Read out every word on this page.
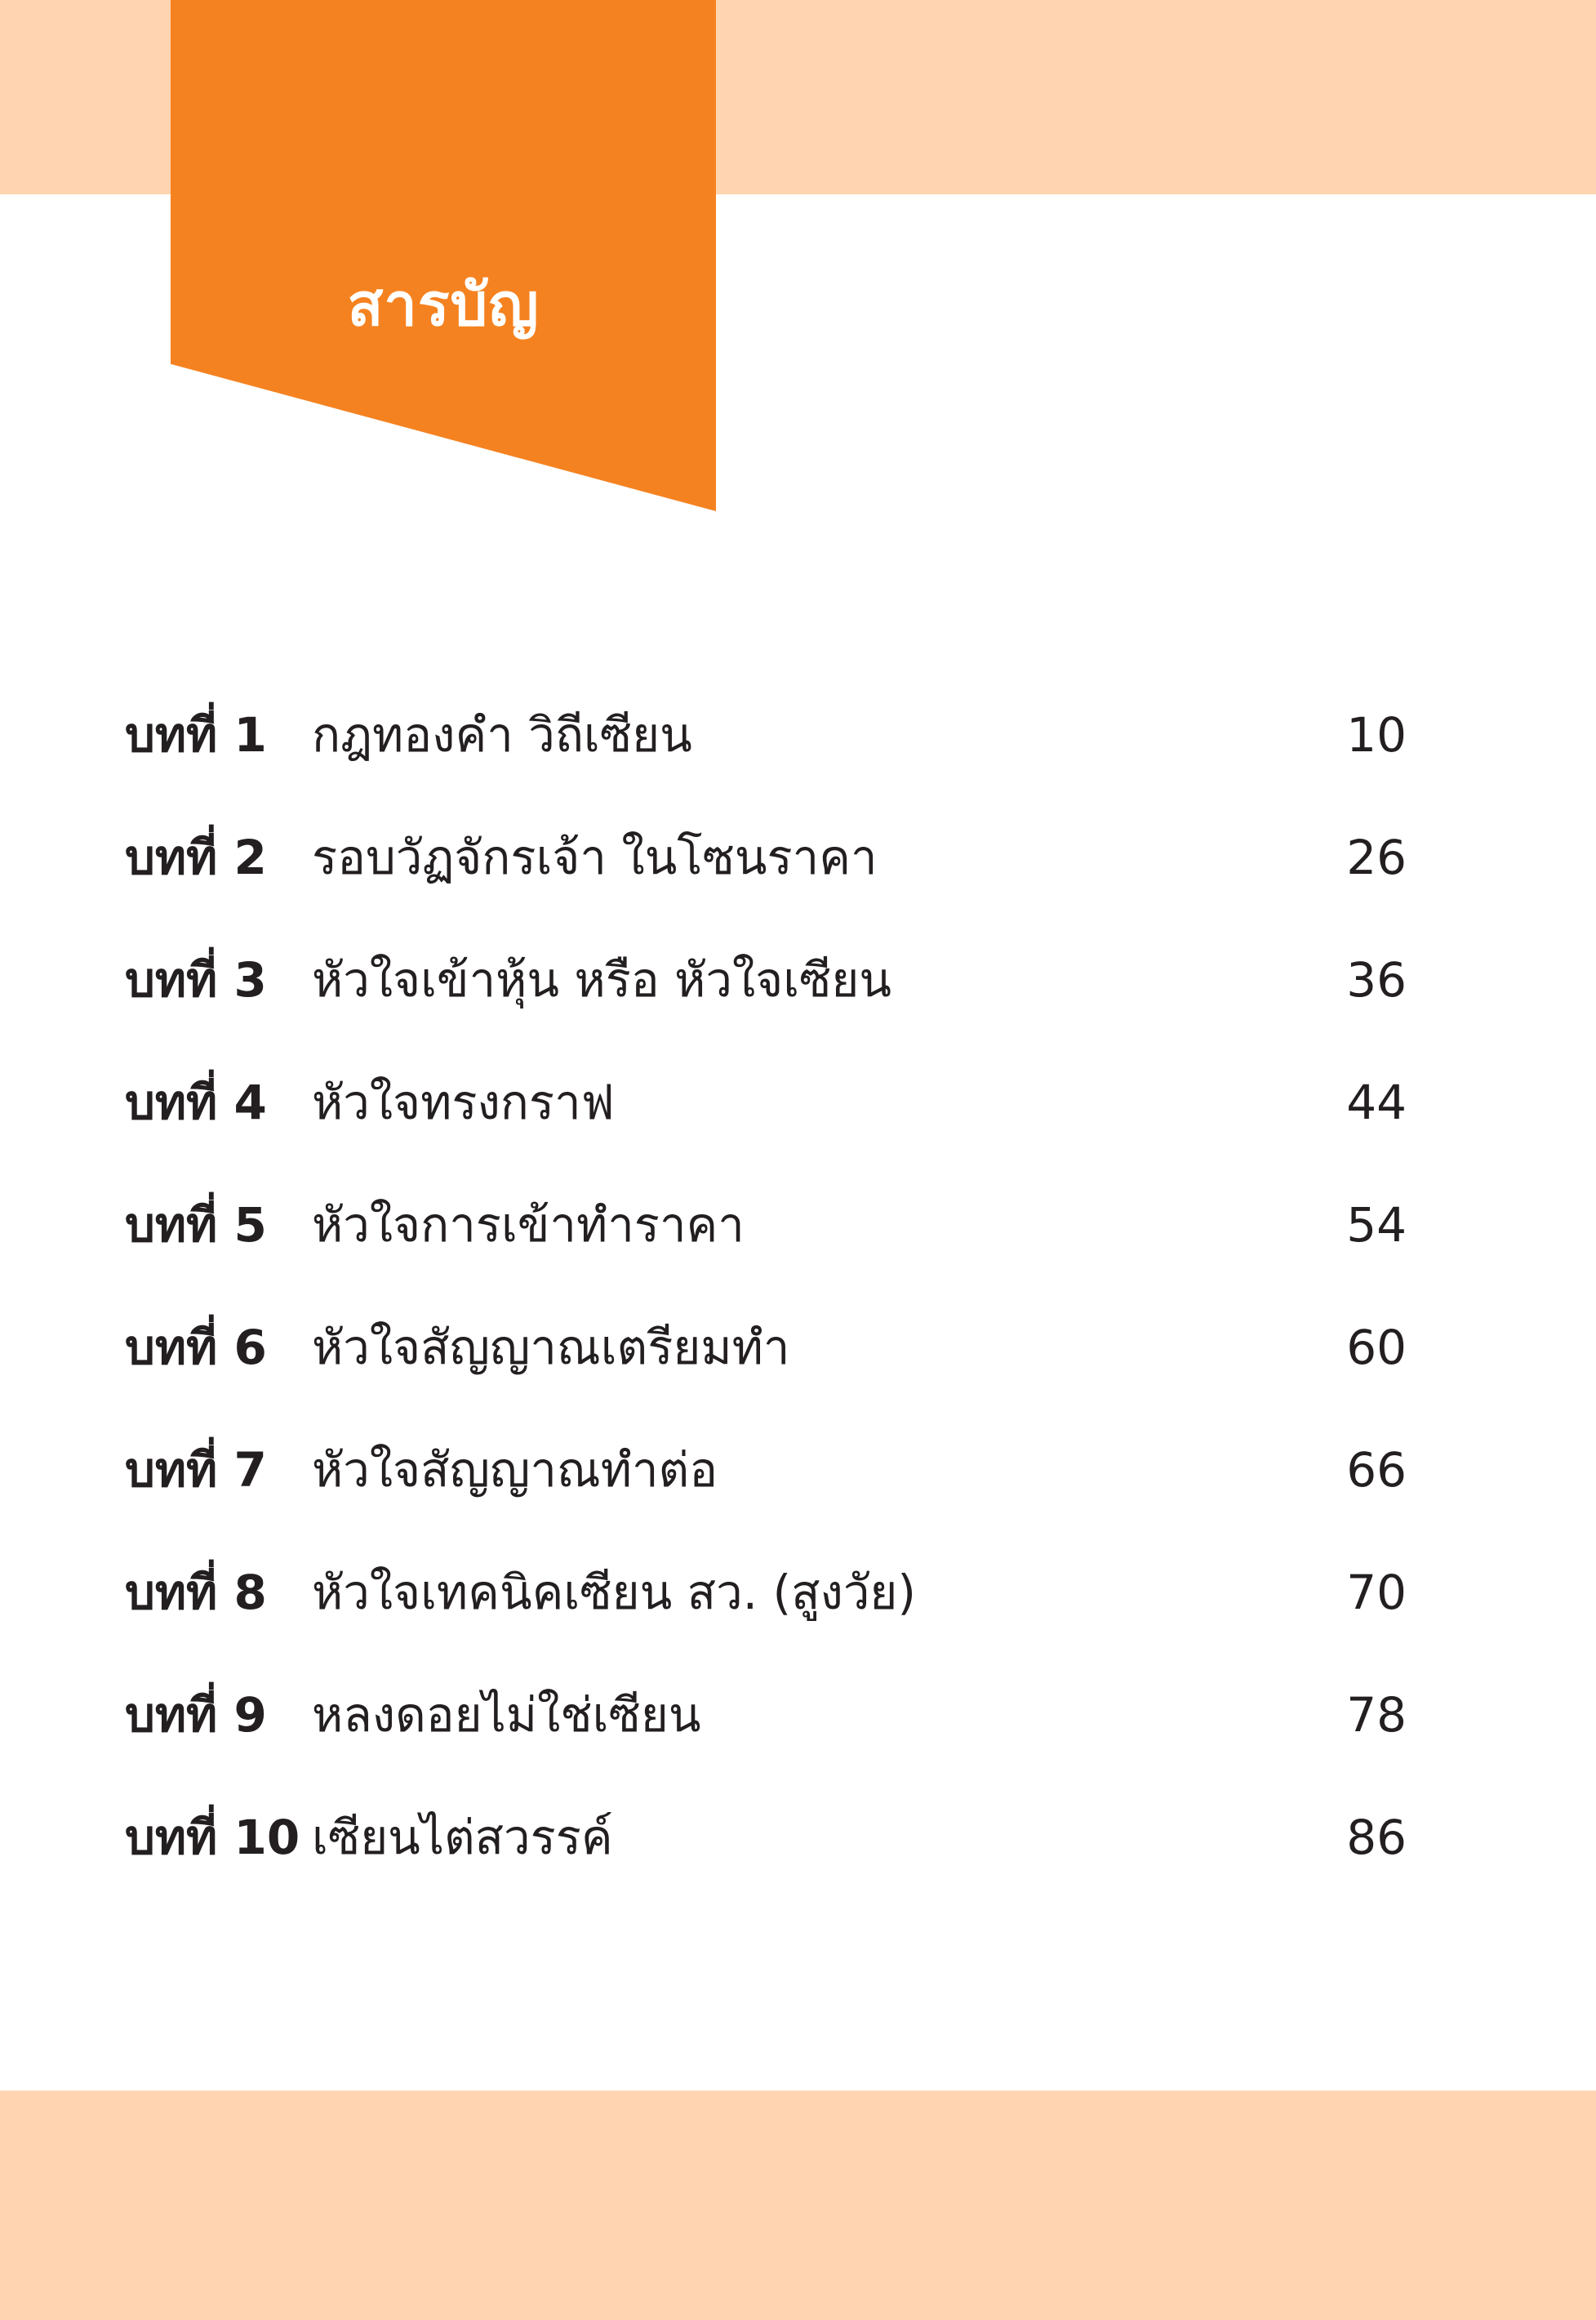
สารบัญ
บทที่ 1 กฎทองคำ วิถีเซียน	10
บทที่ 2 รอบวัฏจักรเจ้า ในโซนราคา	26
บทที่ 3 หัวใจเข้าหุ้น หรือ หัวใจเซียน	36
บทที่ 4 หัวใจทรงกราฟ	44
บทที่ 5 หัวใจการเข้าทำราคา	54
บทที่ 6 หัวใจสัญญาณเตรียมทำ	60
บทที่ 7 หัวใจสัญญาณทำต่อ	66
บทที่ 8 หัวใจเทคนิคเซียน สว. (สูงวัย)	70
บทที่ 9 หลงดอยไม่ใช่เซียน	78
บทที่ 10 เซียนไต่สวรรค์	86
